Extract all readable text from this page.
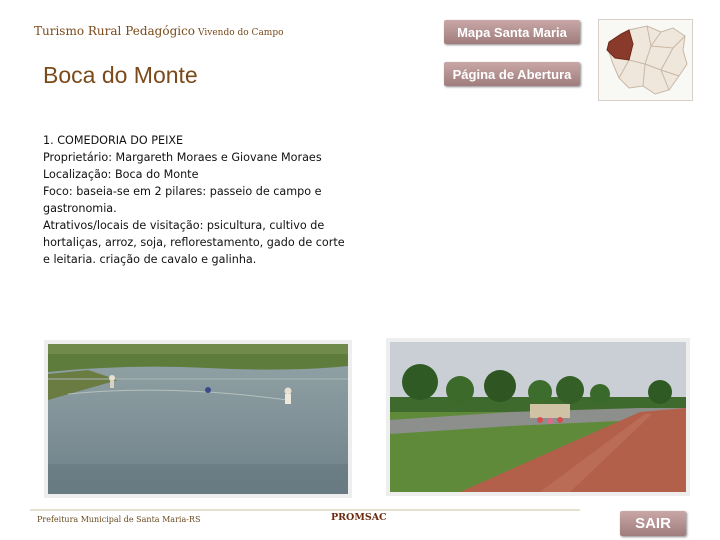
Turismo Rural Pedagógico Vivendo do Campo
Boca do Monte
Mapa Santa Maria
Página de Abertura
1. COMEDORIA DO PEIXE
Proprietário: Margareth Moraes e Giovane Moraes
Localização: Boca do Monte
Foco: baseia-se em 2 pilares: passeio de campo e gastronomia.
Atrativos/locais de visitação: psicultura, cultivo de hortaliças, arroz, soja, reflorestamento, gado de corte e leitaria. criação de cavalo e galinha.
Prefeitura Municipal de Santa Maria-RS	PROMSAC	SAIR
